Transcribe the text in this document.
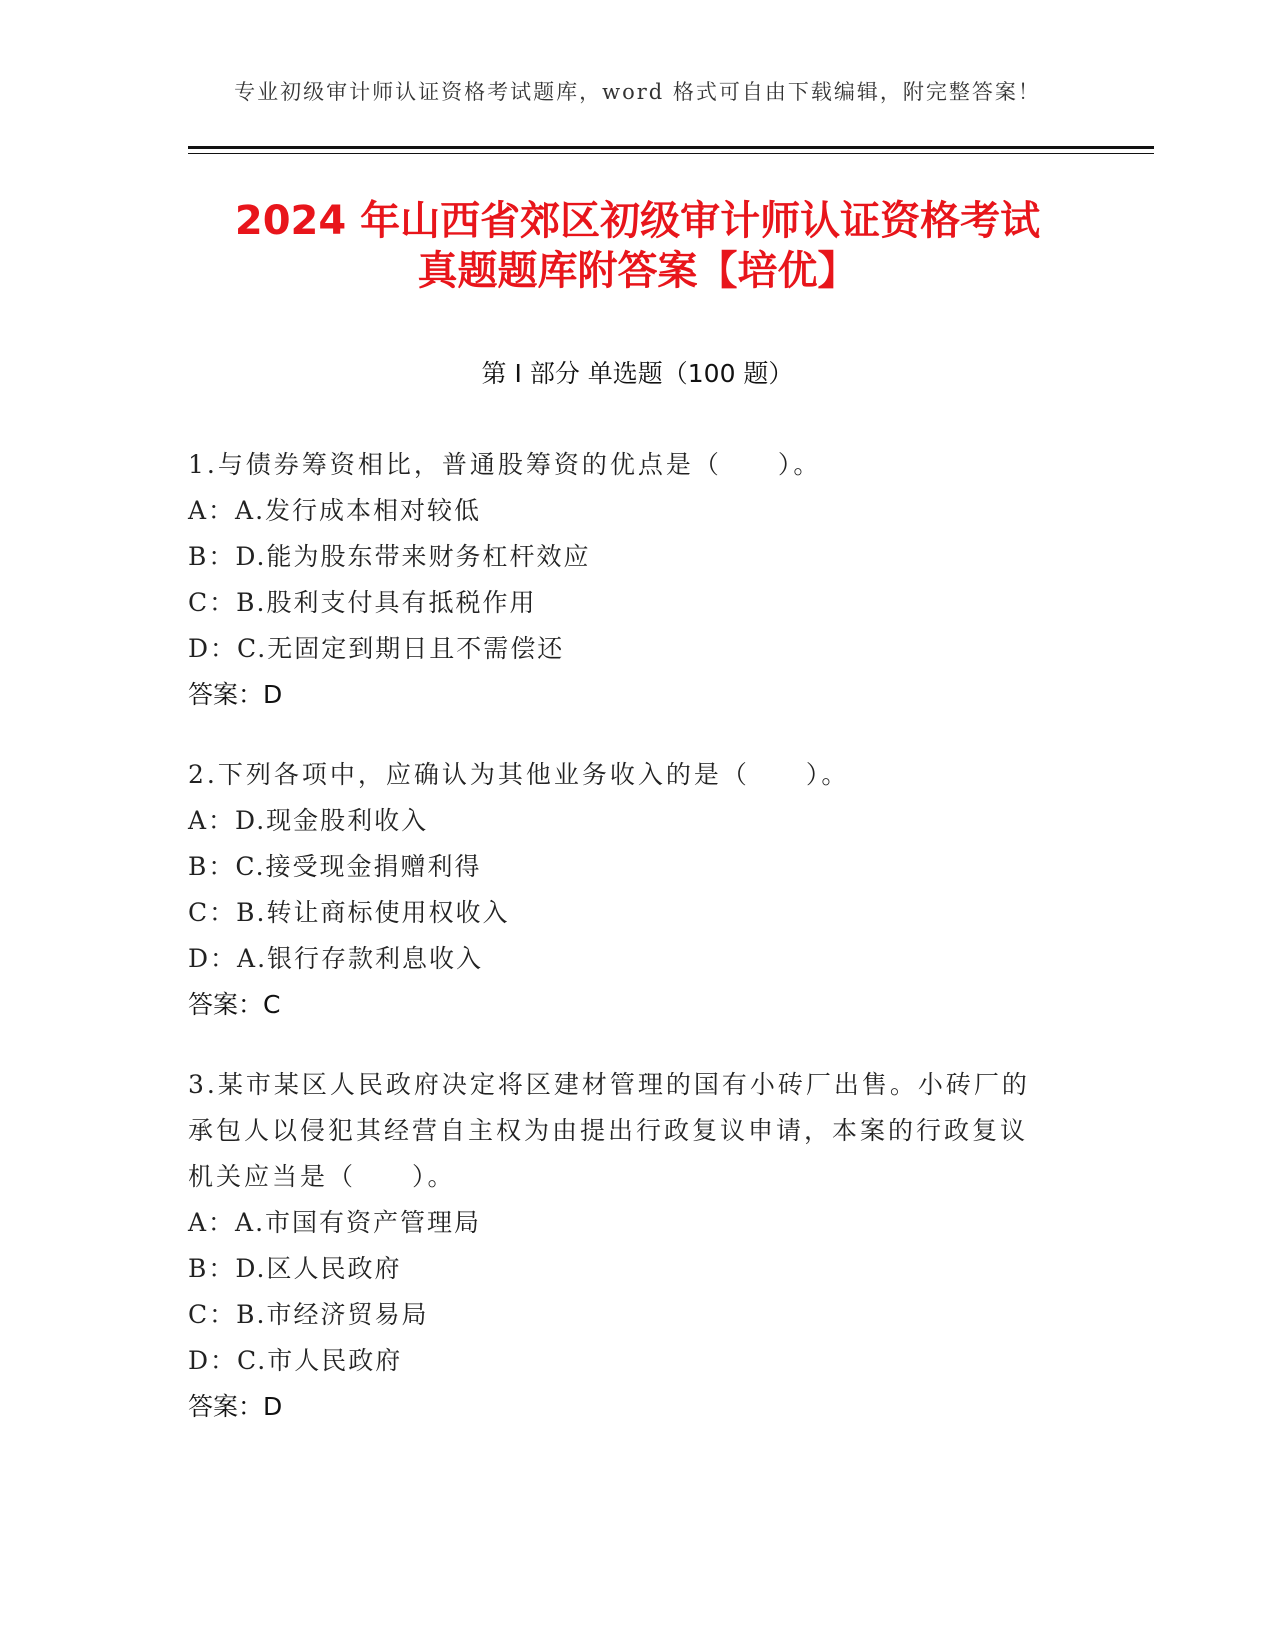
专业初级审计师认证资格考试题库，word 格式可自由下载编辑，附完整答案！
2024 年山西省郊区初级审计师认证资格考试
真题题库附答案【培优】
第 I 部分 单选题（100 题）
1.与债券筹资相比，普通股筹资的优点是（　　）。
A：A.发行成本相对较低
B：D.能为股东带来财务杠杆效应
C：B.股利支付具有抵税作用
D：C.无固定到期日且不需偿还
答案：D
2.下列各项中，应确认为其他业务收入的是（　　）。
A：D.现金股利收入
B：C.接受现金捐赠利得
C：B.转让商标使用权收入
D：A.银行存款利息收入
答案：C
3.某市某区人民政府决定将区建材管理的国有小砖厂出售。小砖厂的
承包人以侵犯其经营自主权为由提出行政复议申请，本案的行政复议
机关应当是（　　）。
A：A.市国有资产管理局
B：D.区人民政府
C：B.市经济贸易局
D：C.市人民政府
答案：D
